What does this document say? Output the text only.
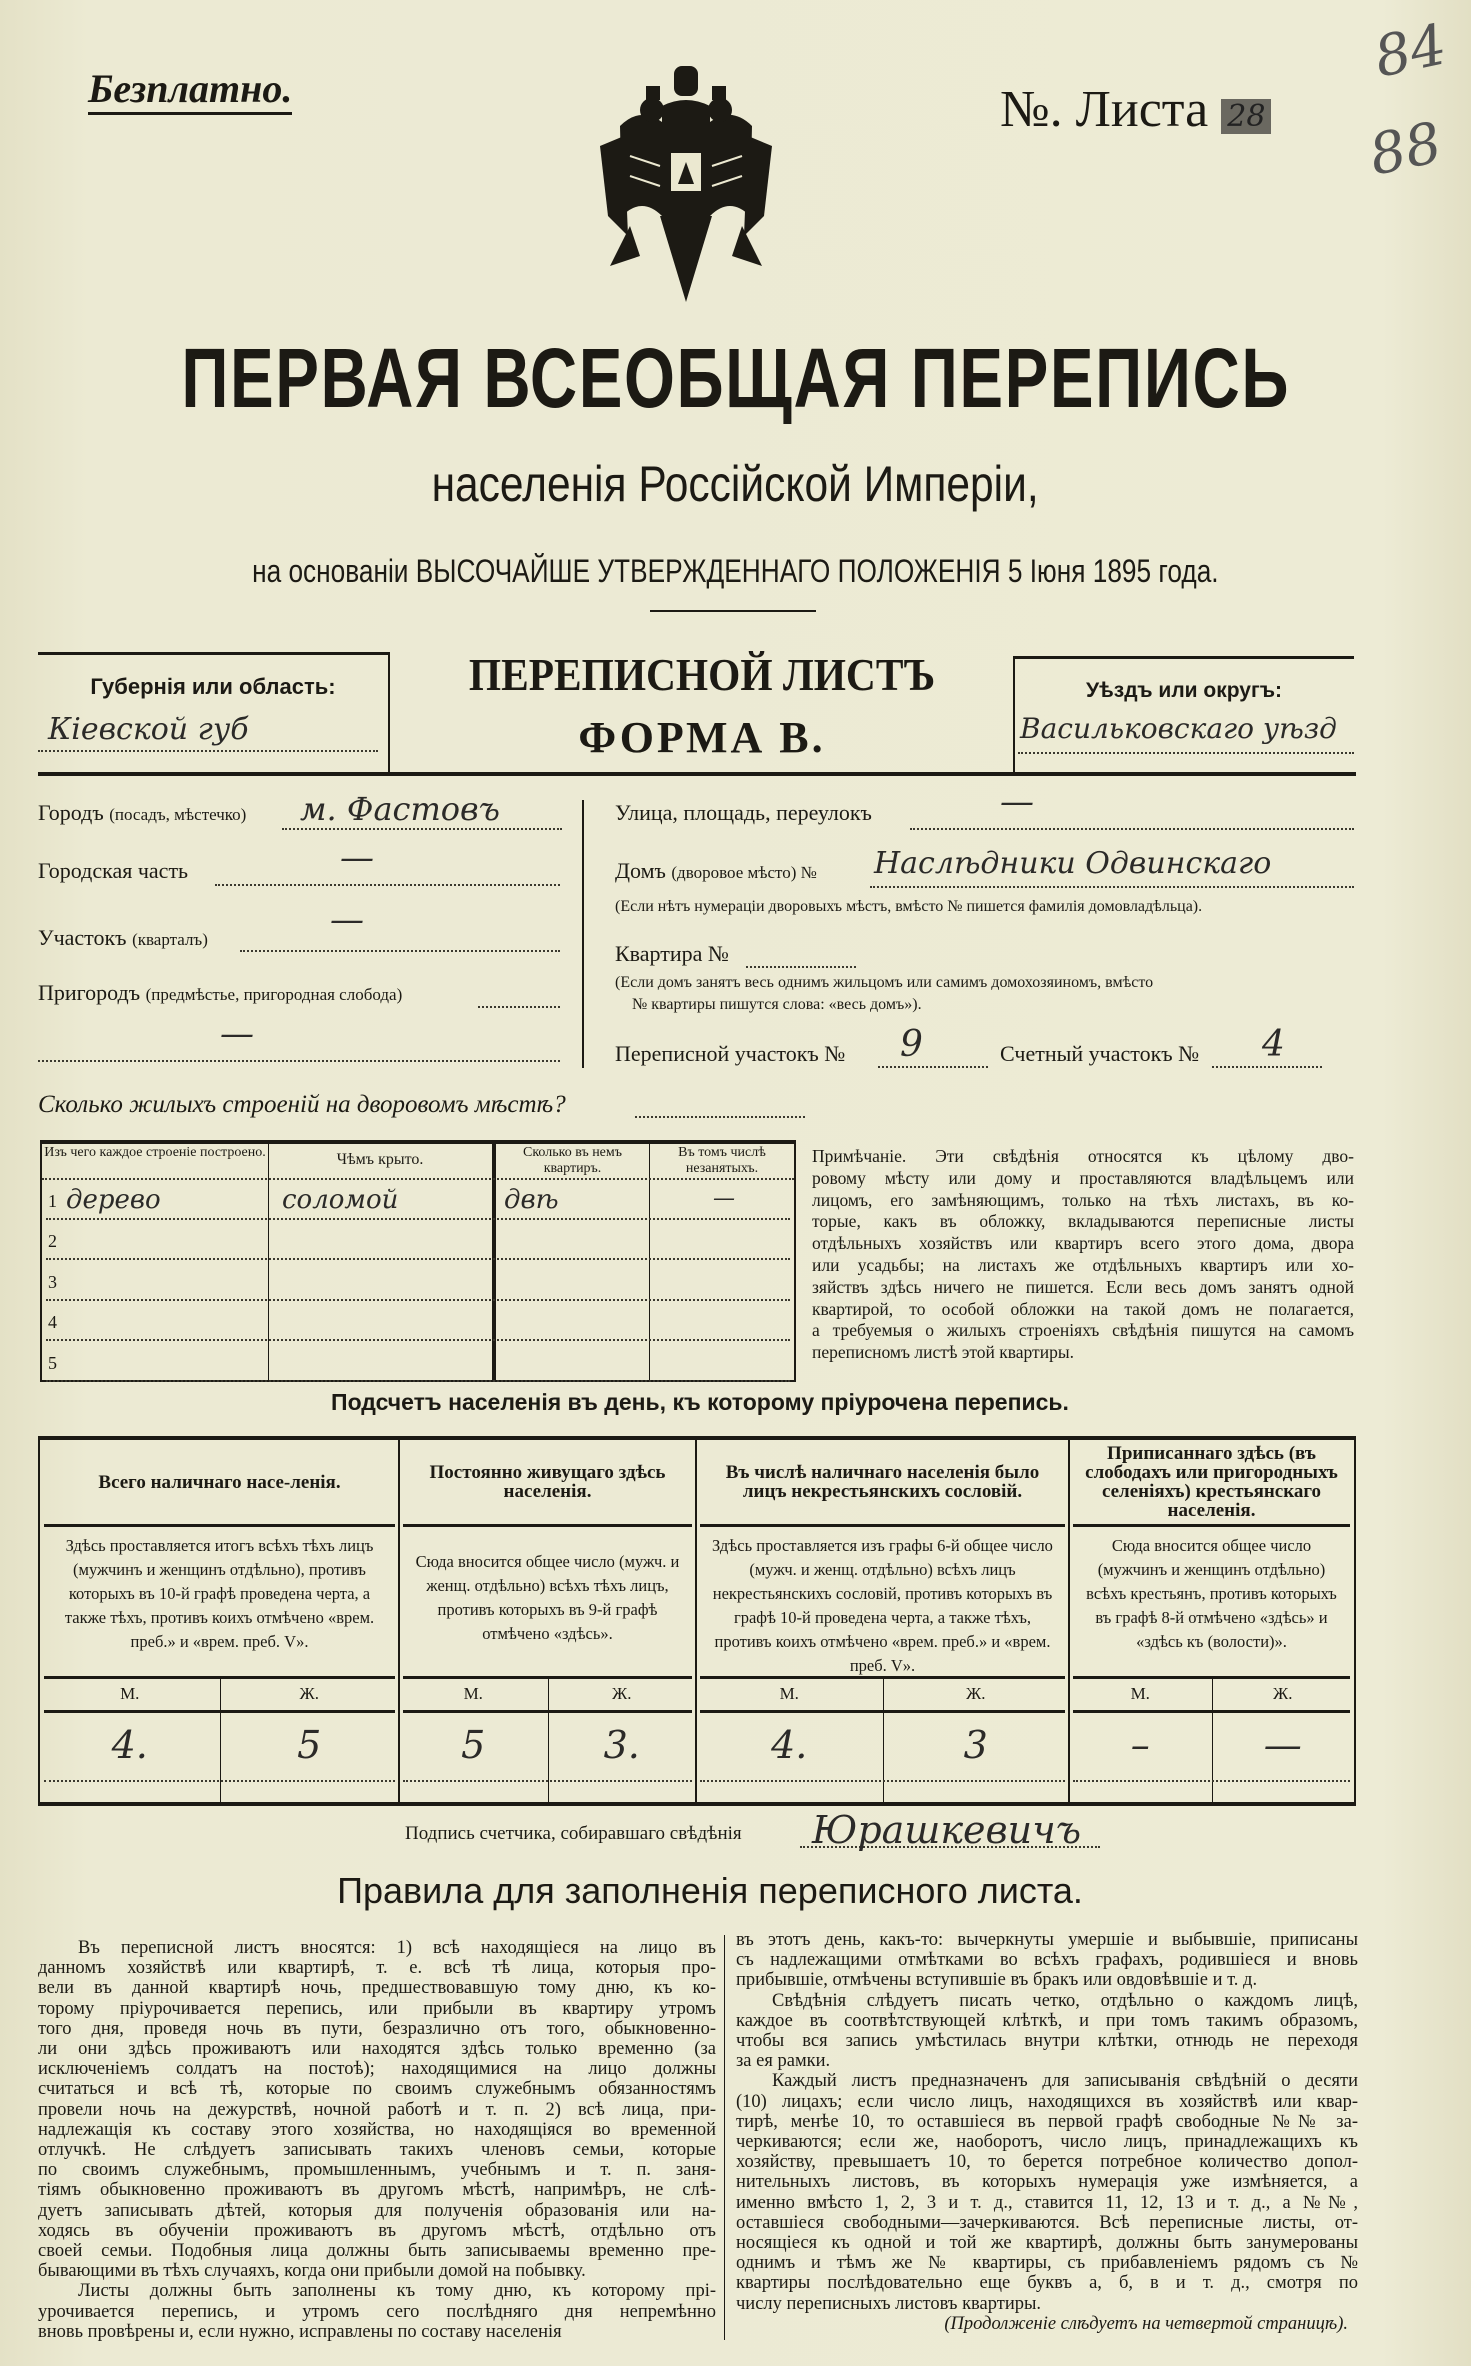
Безплатно.	№. Листа 28
84
88
ПЕРВАЯ ВСЕОБЩАЯ ПЕРЕПИСЬ
населенія Россійской Имперіи,
на основаніи ВЫСОЧАЙШЕ УТВЕРЖДЕННАГО ПОЛОЖЕНІЯ 5 Іюня 1895 года.
Губернія или область:
Кіевской губ
ПЕРЕПИСНОЙ ЛИСТЪ
ФОРМА В.
Уѣздъ или округъ:
Васильковскаго уѣзд
Городъ (посадъ, мѣстечко) м. Фастовъ
Городская часть	—
Участокъ (кварталъ)	—
Пригородъ (предмѣстье, пригородная слобода)
—
Улица, площадь, переулокъ	—
Домъ (дворовое мѣсто) № Наслѣдники Одвинскаго
(Если нѣтъ нумераціи дворовыхъ мѣстъ, вмѣсто № пишется фамилія домовладѣльца).
Квартира №
(Если домъ занятъ весь однимъ жильцомъ или самимъ домохозяиномъ, вмѣсто
№ квартиры пишутся слова: «весь домъ»).
Переписной участокъ № 9	Счетный участокъ № 4
Сколько жилыхъ строеній на дворовомъ мѣстѣ?
Изъ чего каждое строеніе построено.	Чѣмъ крыто.	Сколько въ немъ квартиръ.
Въ томъ числѣ незанятыхъ.
1 дерево	соломой	двѣ	—
2
3
4
5
Примѣчаніе. Эти свѣдѣнія относятся къ цѣлому дво-
ровому мѣсту или дому и проставляются владѣльцемъ или
лицомъ, его замѣняющимъ, только на тѣхъ листахъ, въ ко-
торые, какъ въ обложку, вкладываются переписные листы
отдѣльныхъ хозяйствъ или квартиръ всего этого дома, двора
или усадьбы; на листахъ же отдѣльныхъ квартиръ или хо-
зяйствъ здѣсь ничего не пишется. Если весь домъ занятъ одной
квартирой, то особой обложки на такой домъ не полагается,
а требуемыя о жилыхъ строеніяхъ свѣдѣнія пишутся на самомъ
переписномъ листѣ этой квартиры.
Подсчетъ населенія въ день, къ которому пріурочена перепись.
Всего наличнаго насе-ленія.
Здѣсь проставляется итогъ всѣхъ тѣхъ лицъ (мужчинъ и женщинъ отдѣльно), противъ которыхъ въ 10-й графѣ проведена черта, а также тѣхъ, противъ коихъ отмѣчено «врем. преб.» и «врем. преб. V».
М.	Ж.
4.	5
Постоянно живущаго здѣсь населенія.
Сюда вносится общее число (мужч. и женщ. отдѣльно) всѣхъ тѣхъ лицъ, противъ которыхъ въ 9-й графѣ отмѣчено «здѣсь».
М.	Ж.
5	3.
Въ числѣ наличнаго населенія было лицъ некрестьянскихъ сословій.
Здѣсь проставляется изъ графы 6-й общее число (мужч. и женщ. отдѣльно) всѣхъ лицъ некрестьянскихъ сословій, противъ которыхъ въ графѣ 10-й проведена черта, а также тѣхъ, противъ коихъ отмѣчено «врем. преб.» и «врем. преб. V».
М.	Ж.
4.	3
Приписаннаго здѣсь (въ слободахъ или пригородныхъ селеніяхъ) крестьянскаго населенія.
Сюда вносится общее число (мужчинъ и женщинъ отдѣльно) всѣхъ крестьянъ, противъ которыхъ въ графѣ 8-й отмѣчено «здѣсь» и «здѣсь къ (волости)».
М.	Ж.
–	—
Подпись счетчика, собиравшаго свѣдѣнія Юрашкевичъ
Правила для заполненія переписного листа.
Въ переписной листъ вносятся: 1) всѣ находящіеся на лицо въ
данномъ хозяйствѣ или квартирѣ, т. е. всѣ тѣ лица, которыя про-
вели въ данной квартирѣ ночь, предшествовавшую тому дню, къ ко-
торому пріурочивается перепись, или прибыли въ квартиру утромъ
того дня, проведя ночь въ пути, безразлично отъ того, обыкновенно-
ли они здѣсь проживаютъ или находятся здѣсь только временно (за
исключеніемъ солдатъ на постоѣ); находящимися на лицо должны
считаться и всѣ тѣ, которые по своимъ служебнымъ обязанностямъ
провели ночь на дежурствѣ, ночной работѣ и т. п. 2) всѣ лица, при-
надлежащія къ составу этого хозяйства, но находящіяся во временной
отлучкѣ. Не слѣдуетъ записывать такихъ членовъ семьи, которые
по своимъ служебнымъ, промышленнымъ, учебнымъ и т. п. заня-
тіямъ обыкновенно проживаютъ въ другомъ мѣстѣ, напримѣръ, не слѣ-
дуетъ записывать дѣтей, которыя для полученія образованія или на-
ходясь въ обученіи проживаютъ въ другомъ мѣстѣ, отдѣльно отъ
своей семьи. Подобныя лица должны быть записываемы временно пре-
бывающими въ тѣхъ случаяхъ, когда они прибыли домой на побывку.
Листы должны быть заполнены къ тому дню, къ которому прі-
урочивается перепись, и утромъ сего послѣдняго дня непремѣнно
вновь провѣрены и, если нужно, исправлены по составу населенія
въ этотъ день, какъ-то: вычеркнуты умершіе и выбывшіе, приписаны
съ надлежащими отмѣтками во всѣхъ графахъ, родившіеся и вновь
прибывшіе, отмѣчены вступившіе въ бракъ или овдовѣвшіе и т. д.
Свѣдѣнія слѣдуетъ писать четко, отдѣльно о каждомъ лицѣ,
каждое въ соотвѣтствующей клѣткѣ, и при томъ такимъ образомъ,
чтобы вся запись умѣстилась внутри клѣтки, отнюдь не переходя
за ея рамки.
Каждый листъ предназначенъ для записыванія свѣдѣній о десяти
(10) лицахъ; если число лицъ, находящихся въ хозяйствѣ или квар-
тирѣ, менѣе 10, то оставшіеся въ первой графѣ свободные №№ за-
черкиваются; если же, наоборотъ, число лицъ, принадлежащихъ къ
хозяйству, превышаетъ 10, то берется потребное количество допол-
нительныхъ листовъ, въ которыхъ нумерація уже измѣняется, а
именно вмѣсто 1, 2, 3 и т. д., ставится 11, 12, 13 и т. д., а №№,
оставшіеся свободными—зачеркиваются. Всѣ переписные листы, от-
носящіеся къ одной и той же квартирѣ, должны быть занумерованы
однимъ и тѣмъ же № квартиры, съ прибавленіемъ рядомъ съ №
квартиры послѣдовательно еще буквъ а, б, в и т. д., смотря по
числу переписныхъ листовъ квартиры.
(Продолженіе слѣдуетъ на четвертой страницѣ).
